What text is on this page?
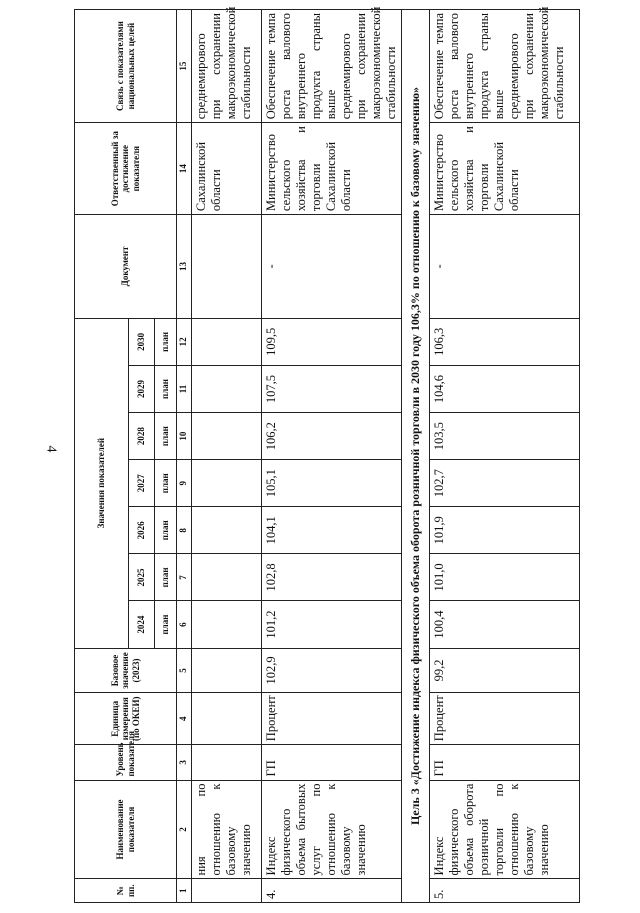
4
№ пп.	Наименование показателя	Уровень показателя	Единица измерения (по ОКЕИ)	Базовое значение (2023)	Значения показателей							Документ	Ответственный за достижение показателя	Связь с показателями национальных целей
					2024	2025	2026	2027	2028	2029	2030			
					план	план	план	план	план	план	план			
1	2	3	4	5	6	7	8	9	10	11	12	13	14	15
	ния по отношению к базовому значению												Сахалинской области	среднемирового при сохранении макроэкономической стабильности
4.	Индекс физического объема бытовых услуг по отношению к базовому значению	ГП	Процент	102,9	101,2	102,8	104,1	105,1	106,2	107,5	109,5	-	Министерство сельского хозяйства и торговли Сахалинской области	Обеспечение темпа роста валового внутреннего продукта страны выше среднемирового при сохранении макроэкономической стабильности
Цель 3 «Достижение индекса физического объема оборота розничной торговли в 2030 году 106,3% по отношению к базовому значению»														
5.	Индекс физического объема оборота розничной торговли по отношению к базовому значению	ГП	Процент	99,2	100,4	101,0	101,9	102,7	103,5	104,6	106,3	-	Министерство сельского хозяйства и торговли Сахалинской области	Обеспечение темпа роста валового внутреннего продукта страны выше среднемирового при сохранении макроэкономической стабильности
